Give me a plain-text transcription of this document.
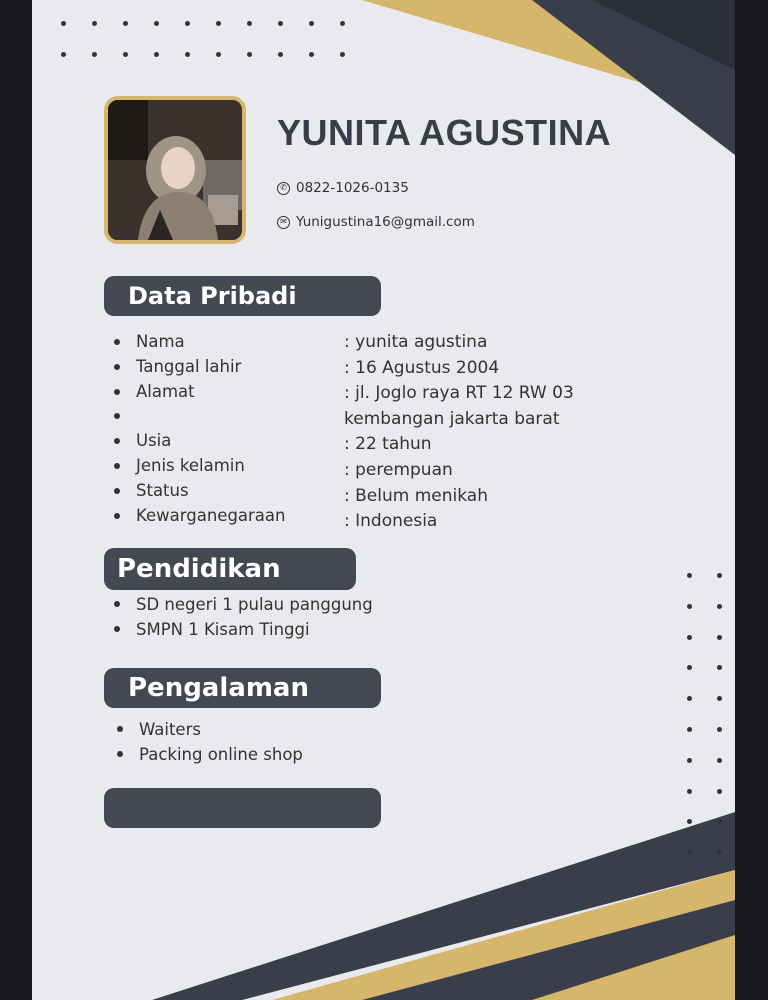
YUNITA AGUSTINA
✆ 0822-1026-0135
✉ Yunigustina16@gmail.com
Data Pribadi
Nama
Tanggal lahir
Alamat

Usia
Jenis kelamin
Status
Kewarganegaraan
: yunita agustina
: 16 Agustus 2004
: jl. Joglo raya RT 12 RW 03
kembangan jakarta barat
: 22 tahun
: perempuan
: Belum menikah
: Indonesia
Pendidikan
SD negeri 1 pulau panggung
SMPN 1 Kisam Tinggi
Pengalaman
Waiters
Packing online shop
